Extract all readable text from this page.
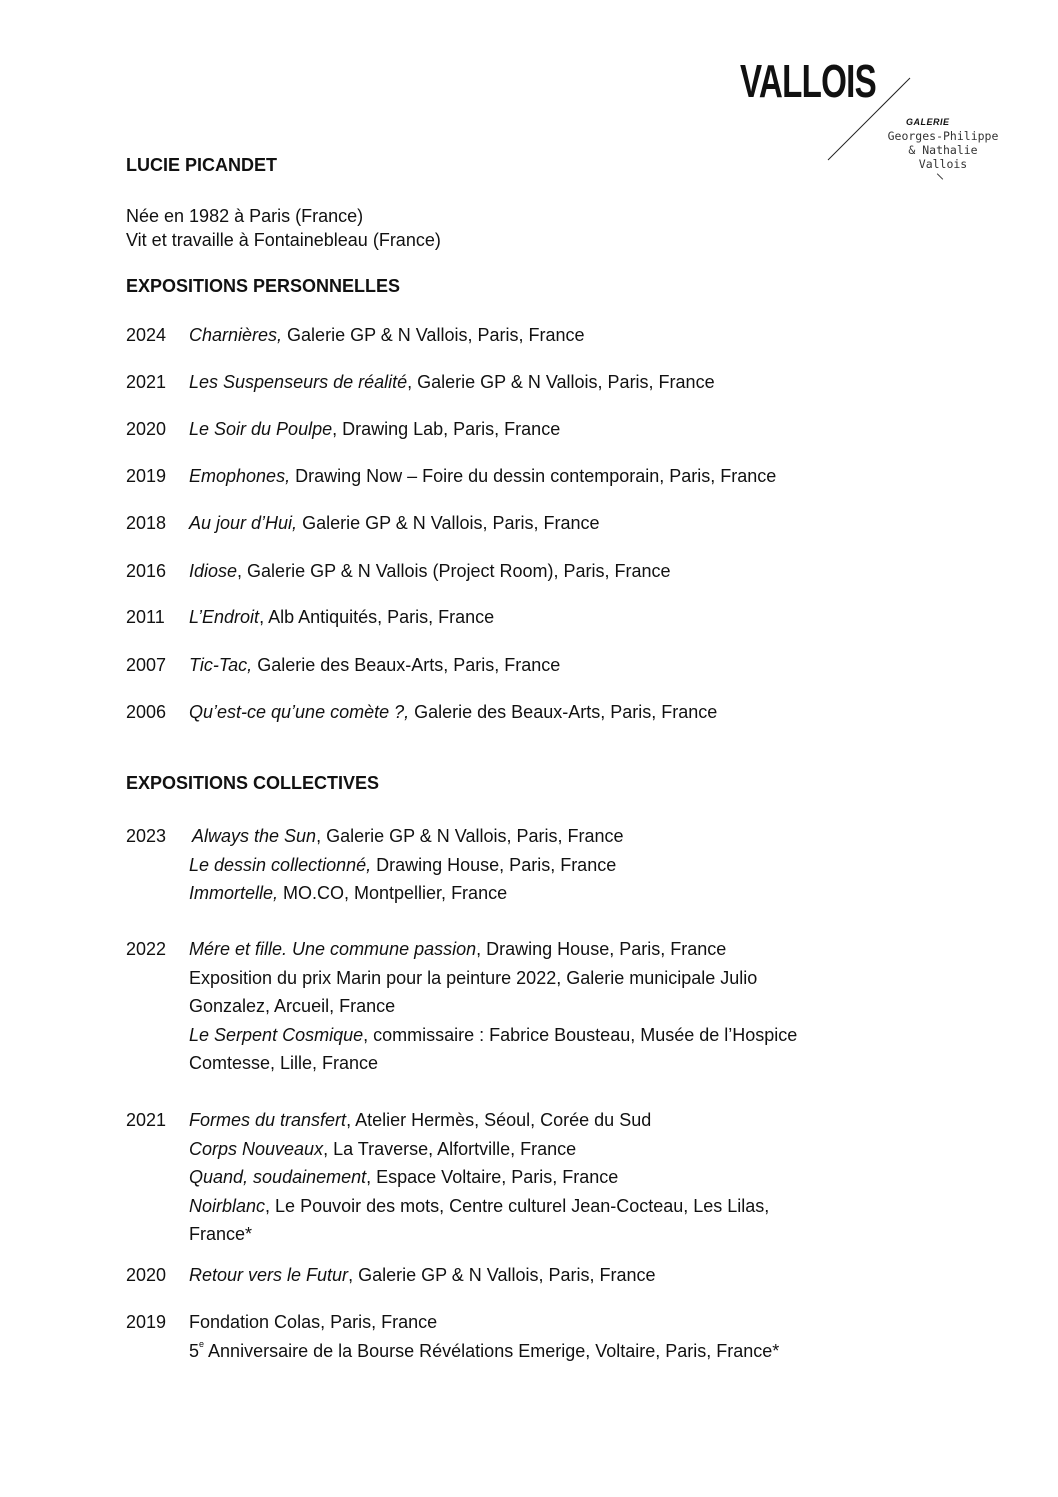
VALLOIS
GALERIE
Georges-Philippe
& Nathalie
Vallois
LUCIE PICANDET
Née en 1982 à Paris (France)
Vit et travaille à Fontainebleau (France)
EXPOSITIONS PERSONNELLES
2024	Charnières, Galerie GP & N Vallois, Paris, France
2021	Les Suspenseurs de réalité, Galerie GP & N Vallois, Paris, France
2020	Le Soir du Poulpe, Drawing Lab, Paris, France
2019	Emophones, Drawing Now – Foire du dessin contemporain, Paris, France
2018	Au jour d’Hui, Galerie GP & N Vallois, Paris, France
2016	Idiose, Galerie GP & N Vallois (Project Room), Paris, France
2011	L’Endroit, Alb Antiquités, Paris, France
2007	Tic-Tac, Galerie des Beaux-Arts, Paris, France
2006	Qu’est-ce qu’une comète ?, Galerie des Beaux-Arts, Paris, France
EXPOSITIONS COLLECTIVES
2023	Always the Sun, Galerie GP & N Vallois, Paris, France
Le dessin collectionné, Drawing House, Paris, France
Immortelle, MO.CO, Montpellier, France
2022	Mére et fille. Une commune passion, Drawing House, Paris, France
Exposition du prix Marin pour la peinture 2022, Galerie municipale Julio
Gonzalez, Arcueil, France
Le Serpent Cosmique, commissaire : Fabrice Bousteau, Musée de l’Hospice
Comtesse, Lille, France
2021	Formes du transfert, Atelier Hermès, Séoul, Corée du Sud
Corps Nouveaux, La Traverse, Alfortville, France
Quand, soudainement, Espace Voltaire, Paris, France
Noirblanc, Le Pouvoir des mots, Centre culturel Jean-Cocteau, Les Lilas,
France*
2020	Retour vers le Futur, Galerie GP & N Vallois, Paris, France
2019	Fondation Colas, Paris, France
5e Anniversaire de la Bourse Révélations Emerige, Voltaire, Paris, France*
